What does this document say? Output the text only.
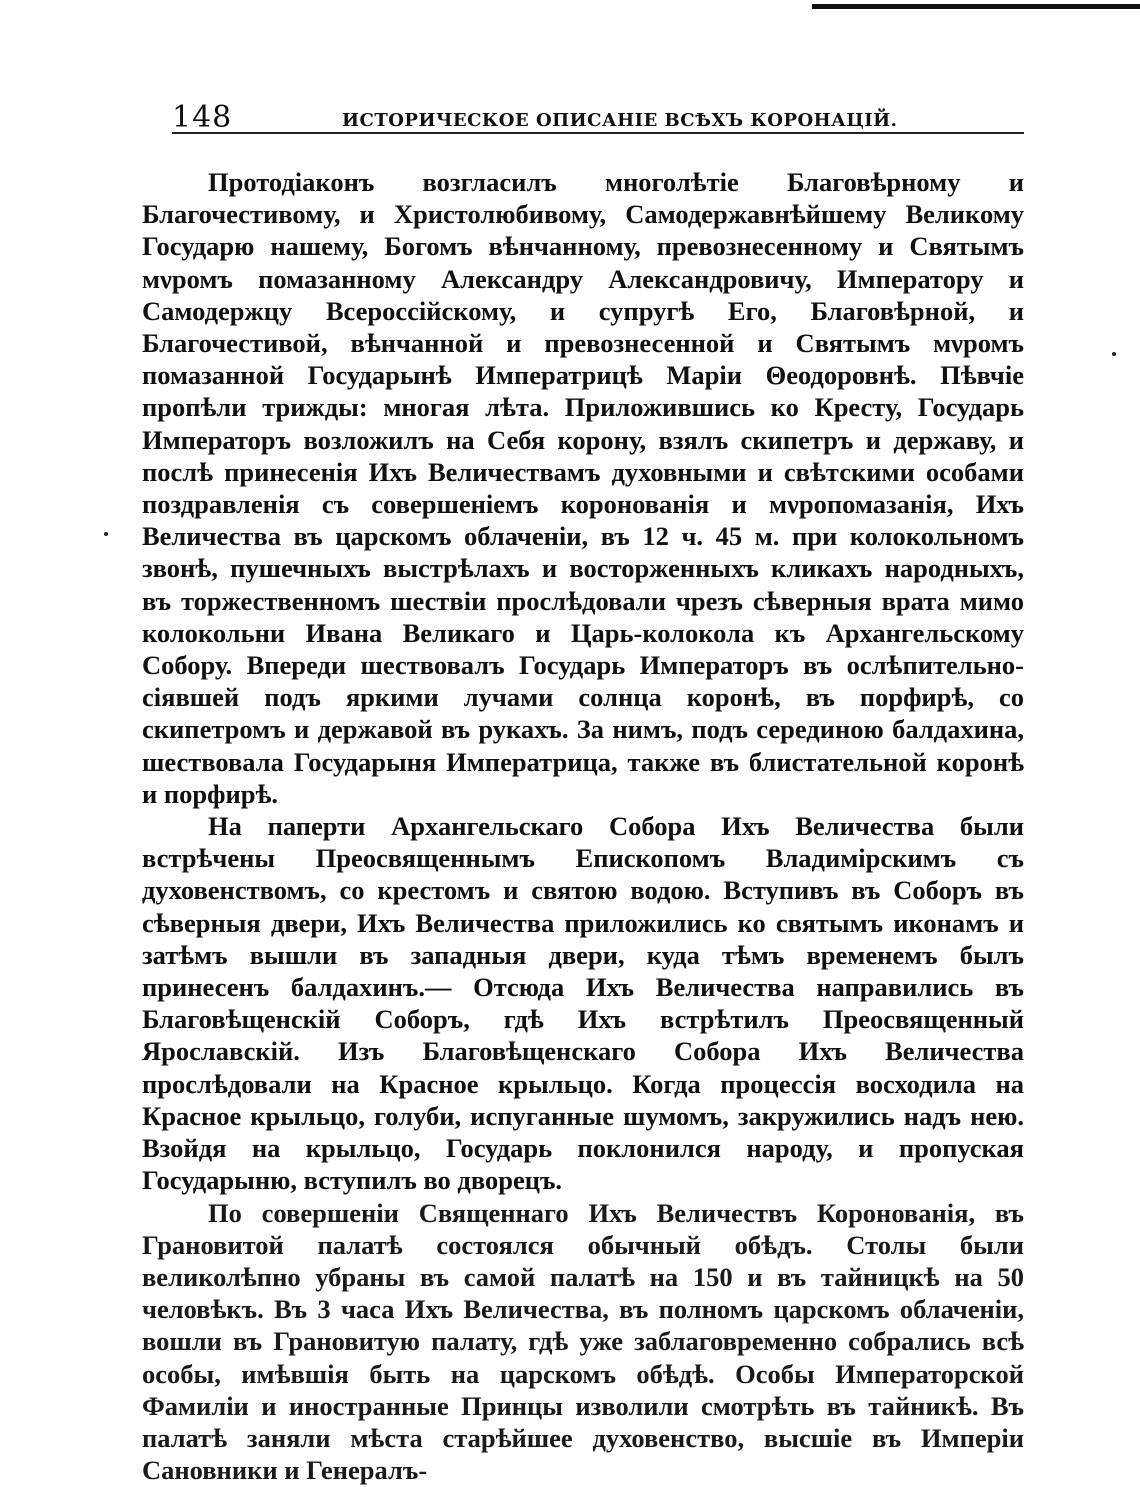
148	ИСТОРИЧЕСКОЕ ОПИСАНІЕ ВСѢХЪ КОРОНАЦІЙ.

Протодіаконъ возгласилъ многолѣтіе Благовѣрному и Благочестивому, и Христолюбивому, Самодержавнѣйшему Великому Государю нашему, Богомъ вѣнчанному, превознесенному и Святымъ мνромъ помазанному Александру Александровичу, Императору и Самодержцу Всероссійскому, и супругѣ Его, Благовѣрной, и Благочестивой, вѣнчанной и превознесенной и Святымъ мνромъ помазанной Государынѣ Императрицѣ Маріи Θеодоровнѣ. Пѣвчіе пропѣли трижды: многая лѣта. Приложившись ко Кресту, Государь Императоръ возложилъ на Себя корону, взялъ скипетръ и державу, и послѣ принесенія Ихъ Величествамъ духовными и свѣтскими особами поздравленія съ совершеніемъ коронованія и мνропомазанія, Ихъ Величества въ царскомъ облаченіи, въ 12 ч. 45 м. при колокольномъ звонѣ, пушечныхъ выстрѣлахъ и восторженныхъ кликахъ народныхъ, въ торжественномъ шествіи прослѣдовали чрезъ сѣверныя врата мимо колокольни Ивана Великаго и Царь-колокола къ Архангельскому Собору. Впереди шествовалъ Государь Императоръ въ ослѣпительно-сіявшей подъ яркими лучами солнца коронѣ, въ порфирѣ, со скипетромъ и державой въ рукахъ. За нимъ, подъ серединою балдахина, шествовала Государыня Императрица, также въ блистательной коронѣ и порфирѣ.

На паперти Архангельскаго Собора Ихъ Величества были встрѣчены Преосвященнымъ Епископомъ Владимірскимъ съ духовенствомъ, со крестомъ и святою водою. Вступивъ въ Соборъ въ сѣверныя двери, Ихъ Величества приложились ко святымъ иконамъ и затѣмъ вышли въ западныя двери, куда тѣмъ временемъ былъ принесенъ балдахинъ.— Отсюда Ихъ Величества направились въ Благовѣщенскій Соборъ, гдѣ Ихъ встрѣтилъ Преосвященный Ярославскій. Изъ Благовѣщенскаго Собора Ихъ Величества прослѣдовали на Красное крыльцо. Когда процессія восходила на Красное крыльцо, голуби, испуганные шумомъ, закружились надъ нею. Взойдя на крыльцо, Государь поклонился народу, и пропуская Государыню, вступилъ во дворецъ.

По совершеніи Священнаго Ихъ Величествъ Коронованія, въ Грановитой палатѣ состоялся обычный обѣдъ. Столы были великолѣпно убраны въ самой палатѣ на 150 и въ тайницкѣ на 50 человѣкъ. Въ 3 часа Ихъ Величества, въ полномъ царскомъ облаченіи, вошли въ Грановитую палату, гдѣ уже заблаговременно собрались всѣ особы, имѣвшія быть на царскомъ обѣдѣ. Особы Императорской Фамиліи и иностранные Принцы изволили смотрѣть въ тайникѣ. Въ палатѣ заняли мѣста старѣйшее духовенство, высшіе въ Имперіи Сановники и Генералъ-
